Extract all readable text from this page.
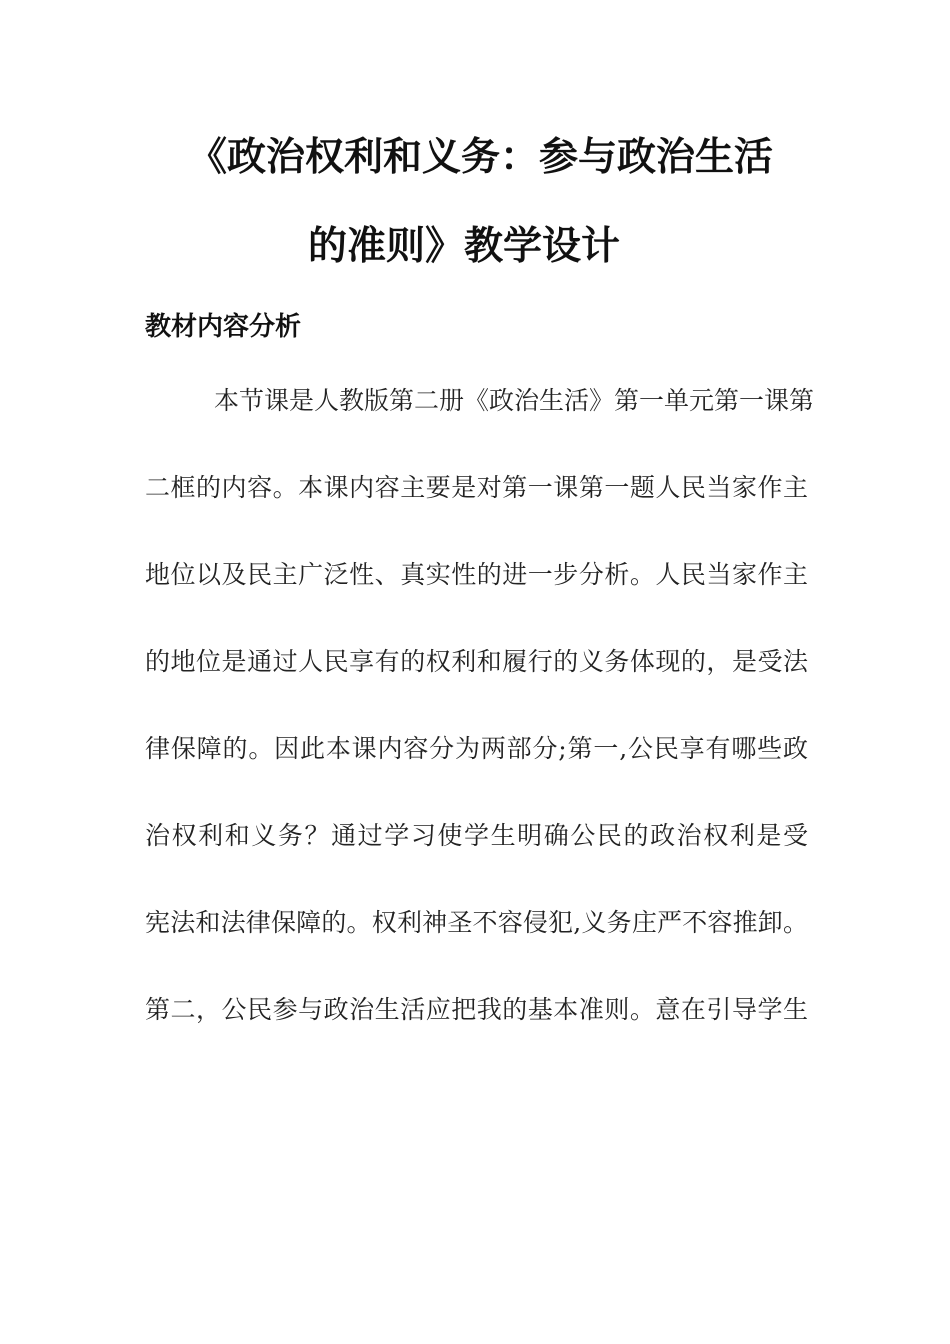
《政治权利和义务：参与政治生活
的准则》教学设计
教材内容分析
本节课是人教版第二册《政治生活》第一单元第一课第
二框的内容。本课内容主要是对第一课第一题人民当家作主
地位以及民主广泛性、真实性的进一步分析。人民当家作主
的地位是通过人民享有的权利和履行的义务体现的，是受法
律保障的。因此本课内容分为两部分;第一,公民享有哪些政
治权利和义务？通过学习使学生明确公民的政治权利是受
宪法和法律保障的。权利神圣不容侵犯,义务庄严不容推卸。
第二，公民参与政治生活应把我的基本准则。意在引导学生
